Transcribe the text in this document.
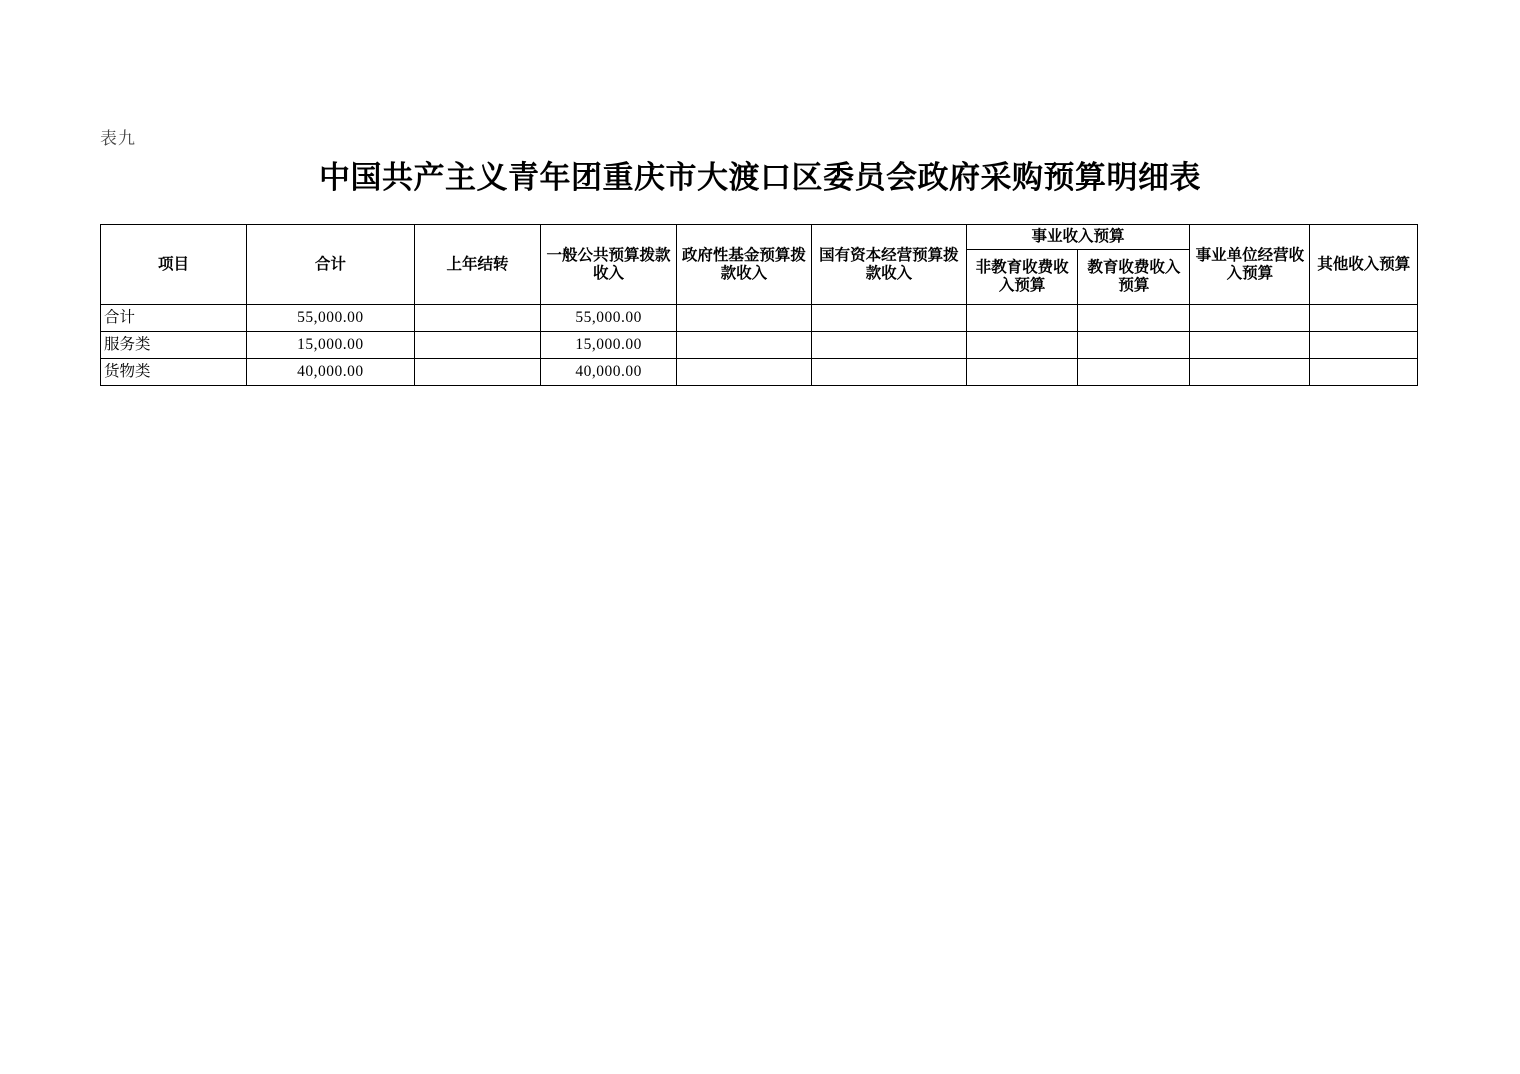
表九
中国共产主义青年团重庆市大渡口区委员会政府采购预算明细表
项目	合计	上年结转	一般公共预算拨款收入	政府性基金预算拨款收入	国有资本经营预算拨款收入	事业收入预算		事业单位经营收入预算	其他收入预算
						非教育收费收入预算	教育收费收入预算		
合计	55,000.00		55,000.00						
服务类	15,000.00		15,000.00						
货物类	40,000.00		40,000.00						
